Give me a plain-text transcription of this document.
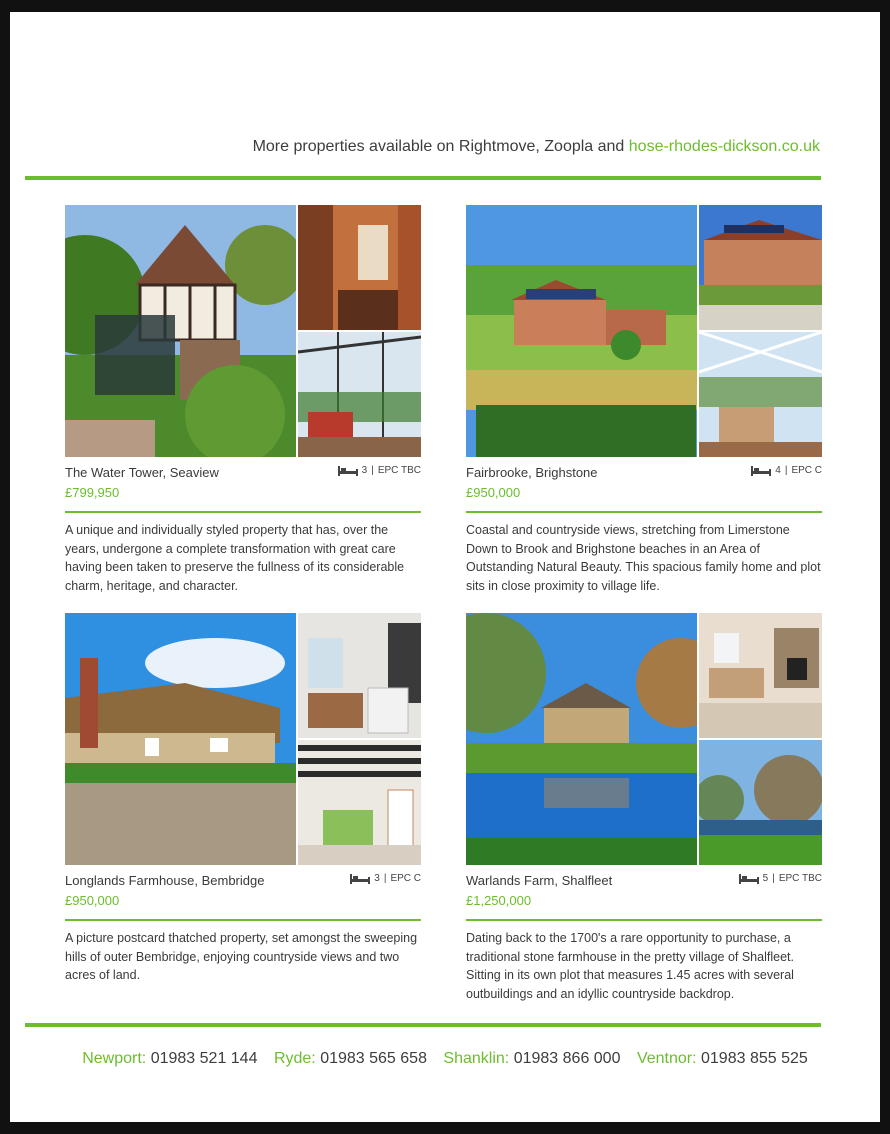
More properties available on Rightmove, Zoopla and hose-rhodes-dickson.co.uk
The Water Tower, Seaview
£799,950
3 | EPC TBC
A unique and individually styled property that has, over the years, undergone a complete transformation with great care having been taken to preserve the fullness of its considerable charm, heritage, and character.
Fairbrooke, Brighstone
£950,000
4 | EPC C
Coastal and countryside views, stretching from Limerstone Down to Brook and Brighstone beaches in an Area of Outstanding Natural Beauty. This spacious family home and plot sits in close proximity to village life.
Longlands Farmhouse, Bembridge
£950,000
3 | EPC C
A picture postcard thatched property, set amongst the sweeping hills of outer Bembridge, enjoying countryside views and two acres of land.
Warlands Farm, Shalfleet
£1,250,000
5 | EPC TBC
Dating back to the 1700's a rare opportunity to purchase, a traditional stone farmhouse in the pretty village of Shalfleet. Sitting in its own plot that measures 1.45 acres with several outbuildings and an idyllic countryside backdrop.
Newport: 01983 521 144 Ryde: 01983 565 658 Shanklin: 01983 866 000 Ventnor: 01983 855 525
